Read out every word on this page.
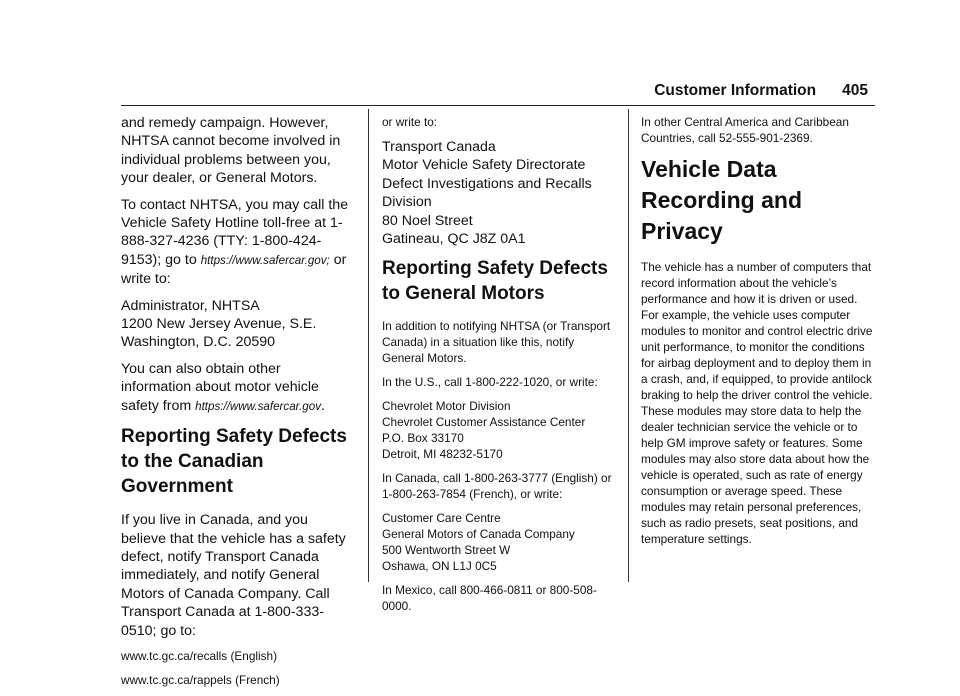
Customer Information 405

and remedy campaign. However, NHTSA cannot become involved in individual problems between you, your dealer, or General Motors.

To contact NHTSA, you may call the Vehicle Safety Hotline toll-free at 1-888-327-4236 (TTY: 1-800-424-9153); go to https://www.safercar.gov; or write to:

Administrator, NHTSA
1200 New Jersey Avenue, S.E.
Washington, D.C. 20590

You can also obtain other information about motor vehicle safety from https://www.safercar.gov.

Reporting Safety Defects to the Canadian Government

If you live in Canada, and you believe that the vehicle has a safety defect, notify Transport Canada immediately, and notify General Motors of Canada Company. Call Transport Canada at 1-800-333-0510; go to:

www.tc.gc.ca/recalls (English)

www.tc.gc.ca/rappels (French)

or write to:

Transport Canada
Motor Vehicle Safety Directorate
Defect Investigations and Recalls
Division
80 Noel Street
Gatineau, QC J8Z 0A1
Reporting Safety Defects to General Motors

In addition to notifying NHTSA (or Transport Canada) in a situation like this, notify General Motors.

In the U.S., call 1-800-222-1020, or write:

Chevrolet Motor Division
Chevrolet Customer Assistance Center
P.O. Box 33170
Detroit, MI 48232-5170

In Canada, call 1-800-263-3777 (English) or 1-800-263-7854 (French), or write:

Customer Care Centre
General Motors of Canada Company
500 Wentworth Street W
Oshawa, ON L1J 0C5

In Mexico, call 800-466-0811 or 800-508-0000.

In other Central America and Caribbean Countries, call 52-555-901-2369.

Vehicle Data Recording and Privacy

The vehicle has a number of computers that record information about the vehicle’s performance and how it is driven or used. For example, the vehicle uses computer modules to monitor and control electric drive unit performance, to monitor the conditions for airbag deployment and to deploy them in a crash, and, if equipped, to provide antilock braking to help the driver control the vehicle. These modules may store data to help the dealer technician service the vehicle or to help GM improve safety or features. Some modules may also store data about how the vehicle is operated, such as rate of energy consumption or average speed. These modules may retain personal preferences, such as radio presets, seat positions, and temperature settings.
